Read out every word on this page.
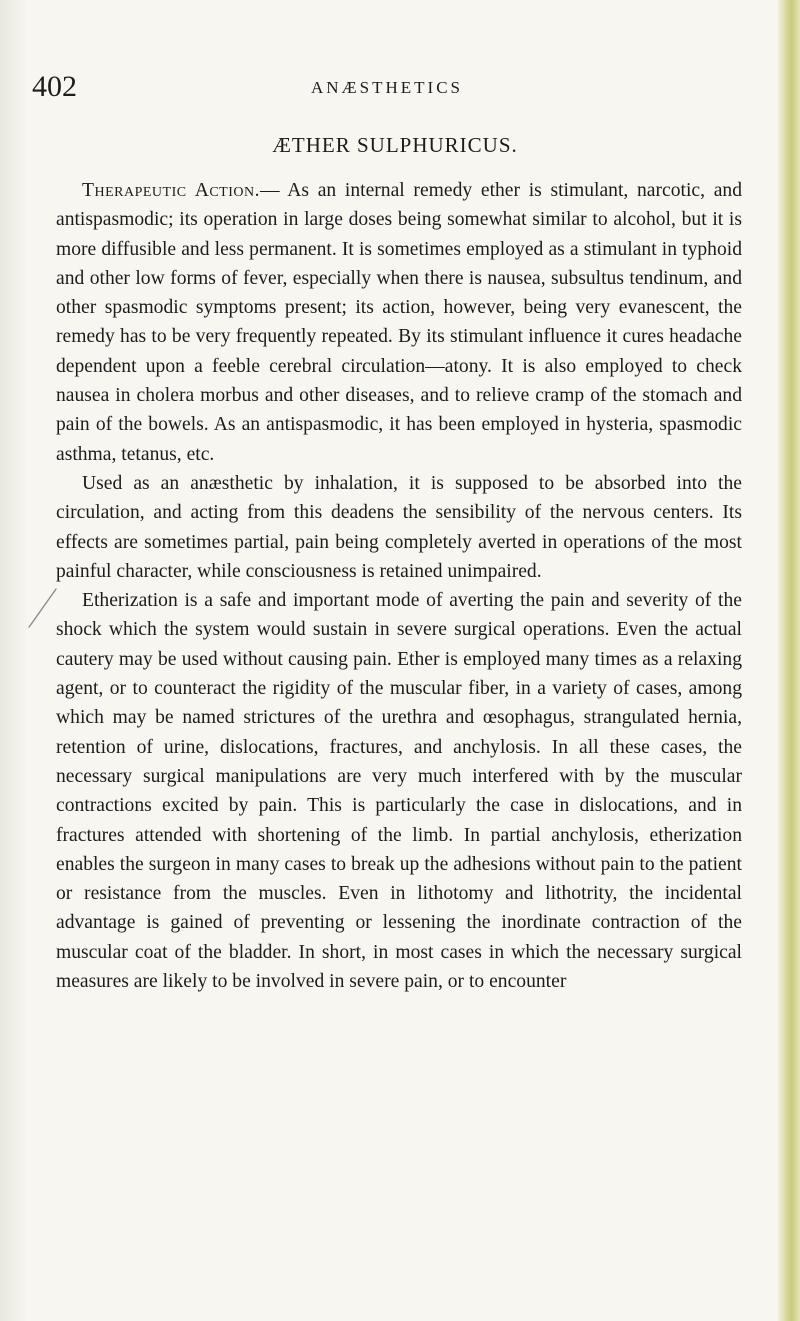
402	ANÆSTHETICS
ÆTHER SULPHURICUS.

Therapeutic Action.— As an internal remedy ether is stimulant, narcotic, and antispasmodic; its operation in large doses being somewhat similar to alcohol, but it is more diffusible and less permanent. It is sometimes employed as a stimulant in typhoid and other low forms of fever, especially when there is nausea, subsultus tendinum, and other spasmodic symptoms present; its action, however, being very evanescent, the remedy has to be very frequently repeated. By its stimulant influence it cures headache dependent upon a feeble cerebral circulation—atony. It is also employed to check nausea in cholera morbus and other diseases, and to relieve cramp of the stomach and pain of the bowels. As an antispasmodic, it has been employed in hysteria, spasmodic asthma, tetanus, etc.

Used as an anæsthetic by inhalation, it is supposed to be absorbed into the circulation, and acting from this deadens the sensibility of the nervous centers. Its effects are sometimes partial, pain being completely averted in operations of the most painful character, while consciousness is retained unimpaired.

Etherization is a safe and important mode of averting the pain and severity of the shock which the system would sustain in severe surgical operations. Even the actual cautery may be used without causing pain. Ether is employed many times as a relaxing agent, or to counteract the rigidity of the muscular fiber, in a variety of cases, among which may be named strictures of the urethra and œsophagus, strangulated hernia, retention of urine, dislocations, fractures, and anchylosis. In all these cases, the necessary surgical manipulations are very much interfered with by the muscular contractions excited by pain. This is particularly the case in dislocations, and in fractures attended with shortening of the limb. In partial anchylosis, etherization enables the surgeon in many cases to break up the adhesions without pain to the patient or resistance from the muscles. Even in lithotomy and lithotrity, the incidental advantage is gained of preventing or lessening the inordinate contraction of the muscular coat of the bladder. In short, in most cases in which the necessary surgical measures are likely to be involved in severe pain, or to encounter
